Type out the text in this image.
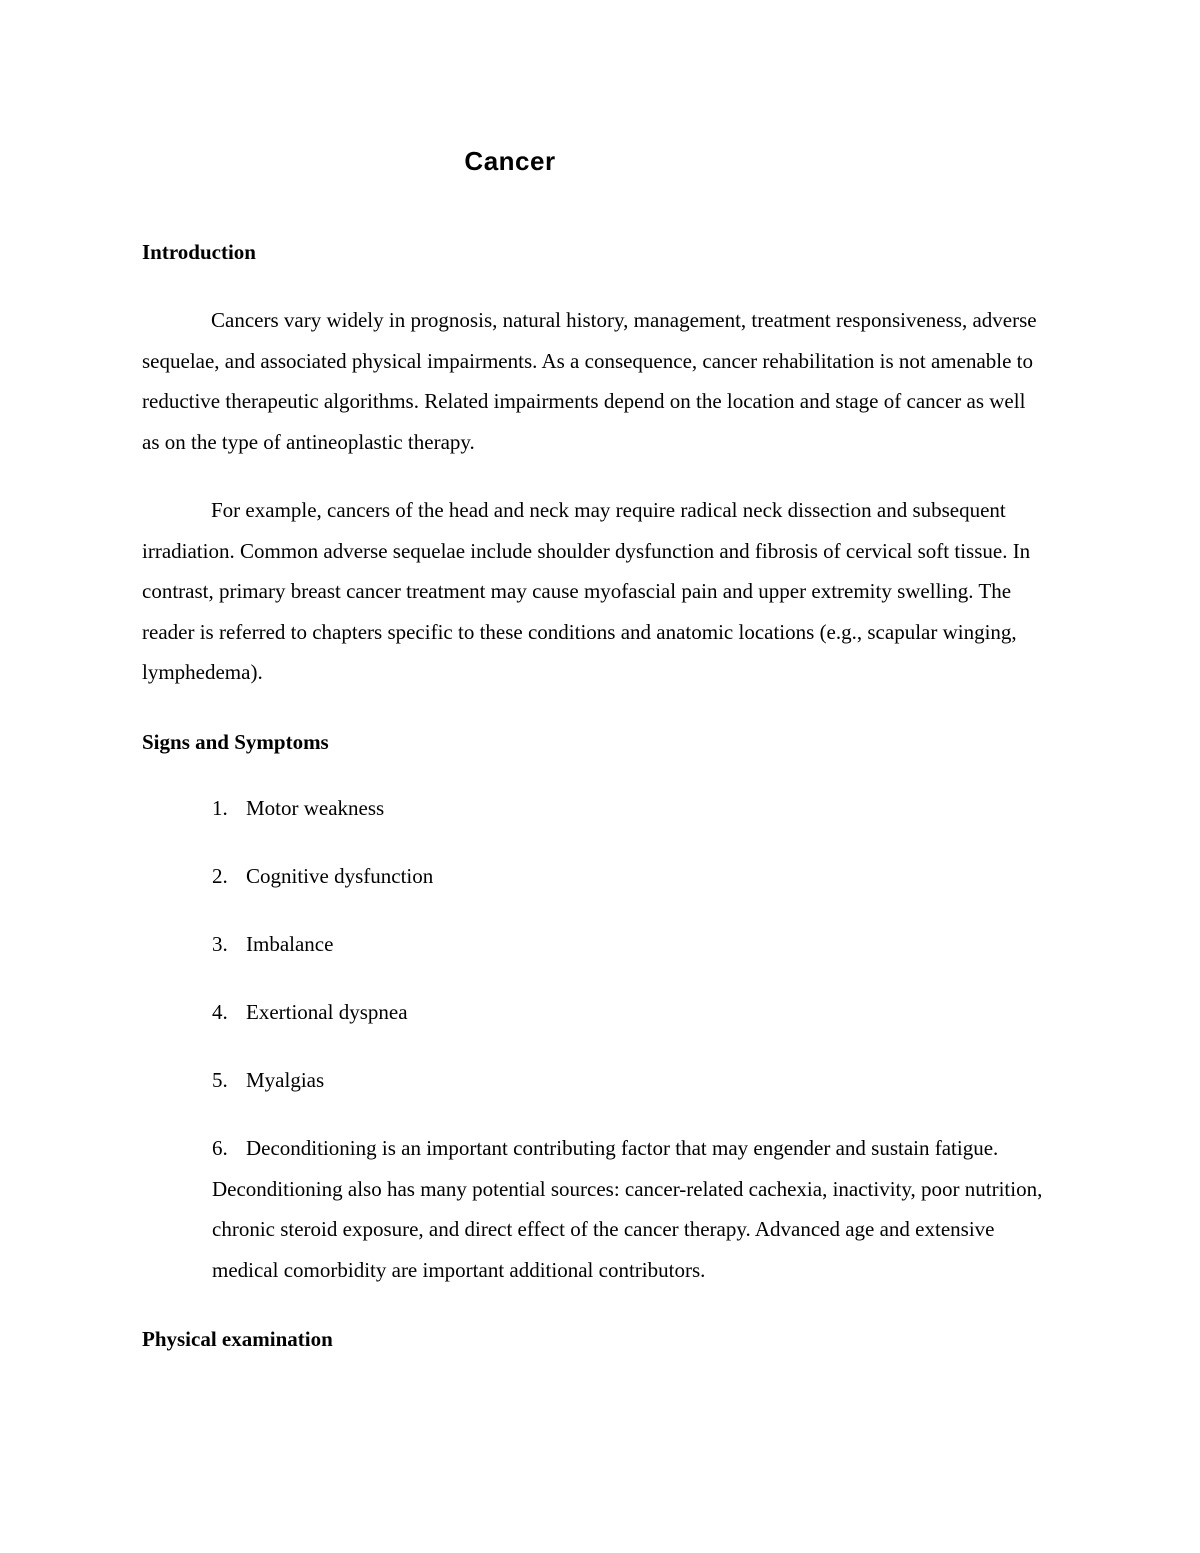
Cancer
Introduction

Cancers vary widely in prognosis, natural history, management, treatment responsiveness, adverse sequelae, and associated physical impairments. As a consequence, cancer rehabilitation is not amenable to reductive therapeutic algorithms. Related impairments depend on the location and stage of cancer as well as on the type of antineoplastic therapy.

For example, cancers of the head and neck may require radical neck dissection and subsequent irradiation. Common adverse sequelae include shoulder dysfunction and fibrosis of cervical soft tissue. In contrast, primary breast cancer treatment may cause myofascial pain and upper extremity swelling. The reader is referred to chapters specific to these conditions and anatomic locations (e.g., scapular winging, lymphedema).

Signs and Symptoms
1. Motor weakness
2. Cognitive dysfunction
3. Imbalance
4. Exertional dyspnea
5. Myalgias
6. Deconditioning is an important contributing factor that may engender and sustain fatigue. Deconditioning also has many potential sources: cancer-related cachexia, inactivity, poor nutrition, chronic steroid exposure, and direct effect of the cancer therapy. Advanced age and extensive medical comorbidity are important additional contributors.
Physical examination
